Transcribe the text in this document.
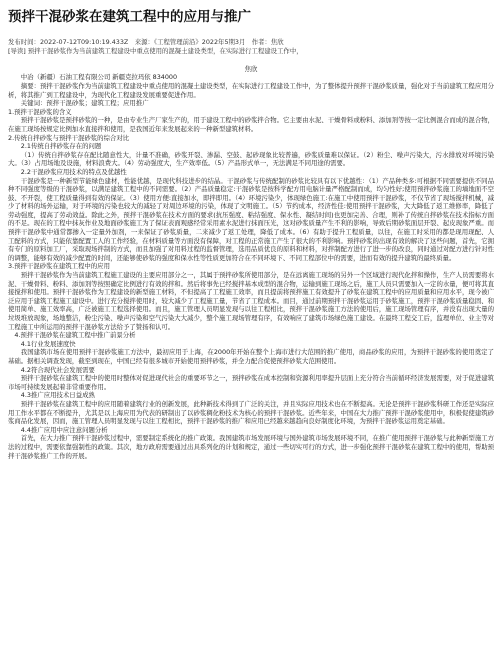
预拌干混砂浆在建筑工程中的应用与推广
发布时间：2022-07-12T09:10:19.433Z　来源：《工程管理前沿》2022年5期3月　作者：焦欣
[导读] 预拌干混砂浆作为当前建筑工程建设中重点使用的混凝土建设类型，在实际进行工程建设工作中，

焦欣

中冶（新疆）石油工程有限公司 新疆克拉玛依 834000

摘要：预拌干混砂浆作为当前建筑工程建设中重点使用的混凝土建设类型，在实际进行工程建设工作中，为了整体提升预拌干混砂浆质量，强化对于当前建筑工程应用分析，将其推广到工程建设中，为现代化工程建设发展重要促进作用。

关键词：预拌干混砂浆；建筑工程；应用推广

1.预拌干混砂浆的含义

预拌干混砂浆是预拌砂浆的一种，是由专业生产厂家生产的，用于建设工程中的砂浆拌合物。它主要由水泥、干燥骨料或粉料、添加剂等按一定比例混合而成的混合物，在施工现场按规定比例加水直接拌和使用，是我国近年来发展起来的一种新型建筑材料。

2.传统自拌砂浆与预拌干混砂浆的综合对比

2.1传统自拌砂浆存在的问题

（1）传统自拌砂浆存在配比随意性大，计量不准确，砂浆开裂、渗漏、空鼓、起砂现象比较普遍，砂浆质量难以保证。（2）粉尘、噪声污染大，污水排放对环境污染大。（3）占用场地及设施，材料浪费大。（4）劳动强度大，生产效率低。（5）产品形式单一，无法满足不同用途的需要。

2.2干混砂浆应用技术的特点及优越性

干混砂浆是一种新型节能绿色建材，性能优越，是现代科技进步的结晶。干混砂浆与传统配制的砂浆比较具有以下优越性：（1）产品种类多:可根据不同需要提供不同品种不同强度等级的干混砂浆，以满足建筑工程中的不同需要。（2）产品质量稳定:干混砂浆是按科学配方用电脑计量严格配制而成，均匀性好;使用预拌砂浆施工的墙地面不空鼓、不开裂，使工程质量得到有效的保证。（3）使用方便:直接加水，即拌即用。（4）环境污染少，体现绿色施工:在施工中使用预拌干混砂浆，不仅节省了现场搅拌机械，减少了材料的场外运输，对于环境的污染也较大的减轻了对周边环境的污染，体现了文明施工。（5）节约成本，经济性佳:使用预拌干混砂浆，大大降低了返工维修率，降低了劳动强度，提高了劳动效益。除此之外，预拌干混砂浆在技术方面的要求(抗压强度、粘结强度、保水性、凝结时间)也更加完善、合理，则补了传统自拌砂浆在技术指标方面的不足。现在的工程中抹灰作业及地面砂浆施工为了保证表面观感经常采用素水泥进行抹面压光，这对砂浆质量产生不利的影响，导致后期砂浆面层开裂、起皮现象严重。而预拌干混砂浆中通常都掺入一定量外加剂，一来保证了砂浆质量，二来减少了返工处理，降低了成本。（6）有助于提升工程质量，以往，在施工时采用的都是现用现配、人工配料的方式，只能依靠配置工人的工作经验，在材料质量等方面没有保障，对工程的正常施工产生了很大的不利影响。预拌砂浆的出现有效的解决了这些问题，首先，它拥有专门的原料加工厂，采取现场拌制的方式，而且加强了对用料过程的监督管理，选用品质优良的原料和材料，对拌制配方进行了进一步的改良，同时通过对配方进行针对性的调整，能够有效的减少配置的时间，还能够使砂浆的强度和保水性等性质更加符合在不同环境下、不同工程部位中的需要，进而有效的提升建筑的最终质量。

3.预拌干混砂浆在建筑工程中的应用

预拌干混砂浆作为当前建筑工程施工建设的主要应用部分之一，其属于预拌砂浆所使用部分，是在远离施工现场的另外一个区域进行现代化拌和操作，生产人员需要将水泥、干燥骨料、粉料、添加剂等按照确定比例进行有效的拌和。然后将事先已经搅拌基本成型的混合物，运输到施工现场之后，施工人员只需要加入一定的水量，便可将其直接搅拌和使用。预拌干混砂浆作为工程建设的新型施工材料，不但提高了工程施工效率，而且提前将预拌施工有效提升了砂浆在建筑工程中的应用质量和应用水平，现今被广泛应用于建筑工程施工建设中。进行充分搅拌使用时，较大减少了工程施工量，节省了工程成本。而目，通过前期预拌干混砂浆运用于砂浆施工，预拌干混砂浆质量稳固、和使用简单、施工效率高，广泛被施工工程选择使用。而且，施工管理人员明显发现与以往工程相比，预拌干混砂浆施工方法的使用后，施工现场管理有序，并没有出现大量的垃圾堆放现象，场地整洁，粉尘污染、噪声污染和空气污染大大减少，整个施工现场管理有序，有效响应了建筑市场绿色施工建设。在最终工程交工后，监理单位、业主等对工程施工中所运用的预拌干混砂浆方法给予了赞扬和认可。

4.预拌干混砂浆在建筑工程中推广前景分析

4.1行业发展速度快

我国建筑市场在使用预拌干混砂浆施工方法中，最初应用于上海，在2000年开始在整个上海市进行大范围的推广使用，商品砂浆的应用，为预拌干混砂浆的使用奠定了基础。据相关调查发现，截至到现在，中国已经有很多城市开始使用预拌砂浆，并全力配合促使预拌砂浆大范围使用。

4.2符合现代社会发展需要

预拌干混砂浆在建筑工程中的使用时整体对促进现代社会的重要环节之一，预拌砂浆在成本控制和资源利用率提升层面上充分符合当前循环经济发展需要，对于促进建筑市场可持续发展起着非常重要作用。

4.3推广应用技术日益成熟

预拌干混砂浆在建筑工程中的应用随着建筑行业的创新发展，此种新技术得到了广泛的关注，并且实际应用技术也在不断提高。无论是预拌干混砂浆科研工作还是实际应用工作水平都在不断提升，尤其是以上海应用为代表的研制出了以砂浆稠化粉技术为核心的预拌干混砂浆。近些年来，中国在大力推广预拌干混砂浆使用中，积极促使建筑砂浆商品化发展，因而，施工管理人员明显发现与以往工程相比，预拌干混砂浆的推广和应用已经越来越趋向良好制度化环境，为预拌干混砂浆运用奠定基础。

4.4推广应用中应注意问题分析

首先，在大力推广预拌干混砂浆过程中，需要制定系统化的推广政策。我国建筑市场发展环境与国外建筑市场发展环境不同，在推广使用预拌干混砂浆与此种新型施工方法的过程中，需要依靠强制性的政策。其次，地方政府需要通过出具系列化的计划和规定，通过一些切实可行的方式，进一步强化预拌干混砂浆在建筑工程中的使用，帮助预拌干混砂浆推广工作的开展。
